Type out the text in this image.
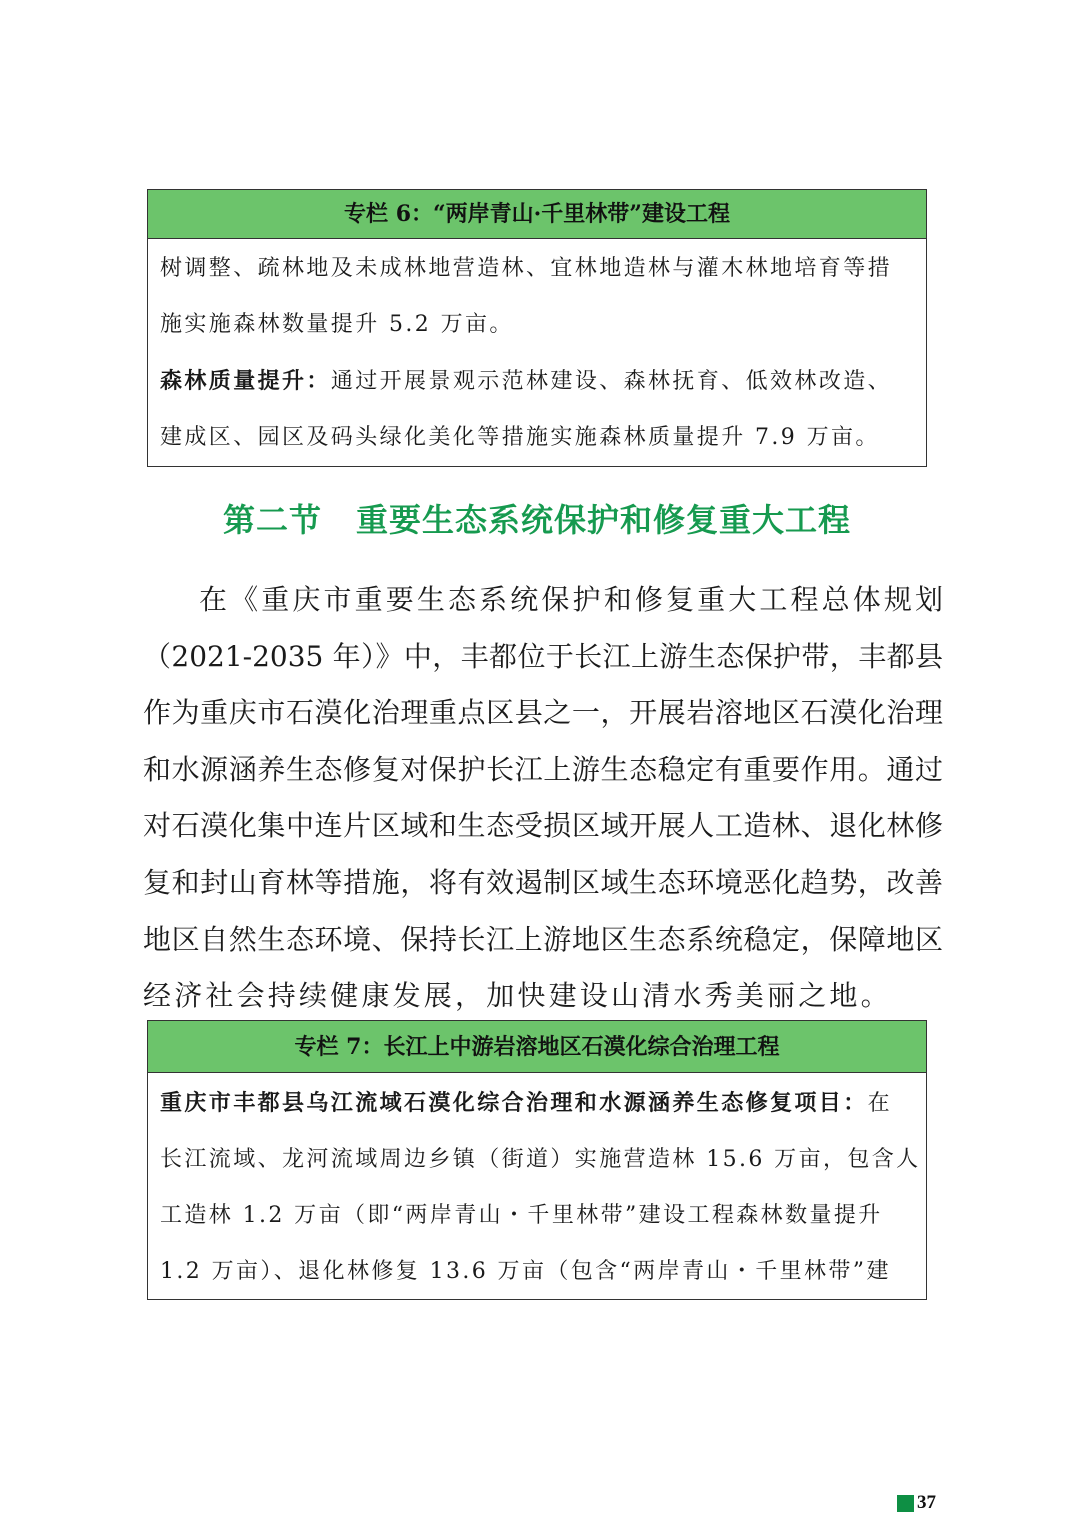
专栏 6：“两岸青山·千里林带”建设工程

树调整、疏林地及未成林地营造林、宜林地造林与灌木林地培育等措

施实施森林数量提升 5.2 万亩。

森林质量提升：通过开展景观示范林建设、森林抚育、低效林改造、

建成区、园区及码头绿化美化等措施实施森林质量提升 7.9 万亩。

第二节 重要生态系统保护和修复重大工程
在《重庆市重要生态系统保护和修复重大工程总体规划
（2021-2035 年）》中，丰都位于长江上游生态保护带，丰都县
作为重庆市石漠化治理重点区县之一，开展岩溶地区石漠化治理
和水源涵养生态修复对保护长江上游生态稳定有重要作用。通过
对石漠化集中连片区域和生态受损区域开展人工造林、退化林修
复和封山育林等措施，将有效遏制区域生态环境恶化趋势，改善
地区自然生态环境、保持长江上游地区生态系统稳定，保障地区
经济社会持续健康发展，加快建设山清水秀美丽之地。
专栏 7：长江上中游岩溶地区石漠化综合治理工程

重庆市丰都县乌江流域石漠化综合治理和水源涵养生态修复项目：在

长江流域、龙河流域周边乡镇（街道）实施营造林 15.6 万亩，包含人

工造林 1.2 万亩（即“两岸青山・千里林带”建设工程森林数量提升

1.2 万亩）、退化林修复 13.6 万亩（包含“两岸青山・千里林带”建

37
